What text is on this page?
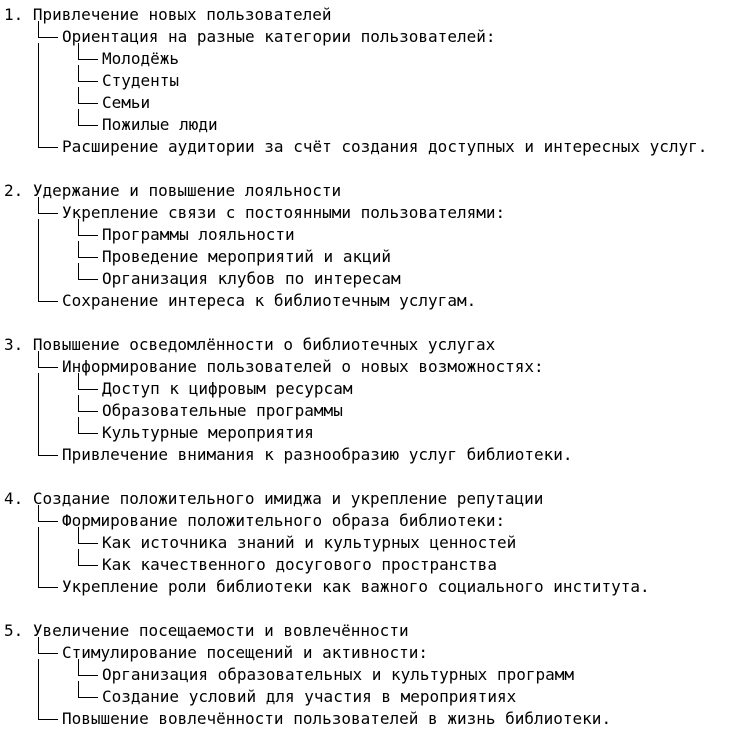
1. Привлечение новых пользователей
Ориентация на разные категории пользователей:
Молодёжь
Студенты
Семьи
Пожилые люди
Расширение аудитории за счёт создания доступных и интересных услуг.
2. Удержание и повышение лояльности
Укрепление связи с постоянными пользователями:
Программы лояльности
Проведение мероприятий и акций
Организация клубов по интересам
Сохранение интереса к библиотечным услугам.
3. Повышение осведомлённости о библиотечных услугах
Информирование пользователей о новых возможностях:
Доступ к цифровым ресурсам
Образовательные программы
Культурные мероприятия
Привлечение внимания к разнообразию услуг библиотеки.
4. Создание положительного имиджа и укрепление репутации
Формирование положительного образа библиотеки:
Как источника знаний и культурных ценностей
Как качественного досугового пространства
Укрепление роли библиотеки как важного социального института.
5. Увеличение посещаемости и вовлечённости
Стимулирование посещений и активности:
Организация образовательных и культурных программ
Создание условий для участия в мероприятиях
Повышение вовлечённости пользователей в жизнь библиотеки.
